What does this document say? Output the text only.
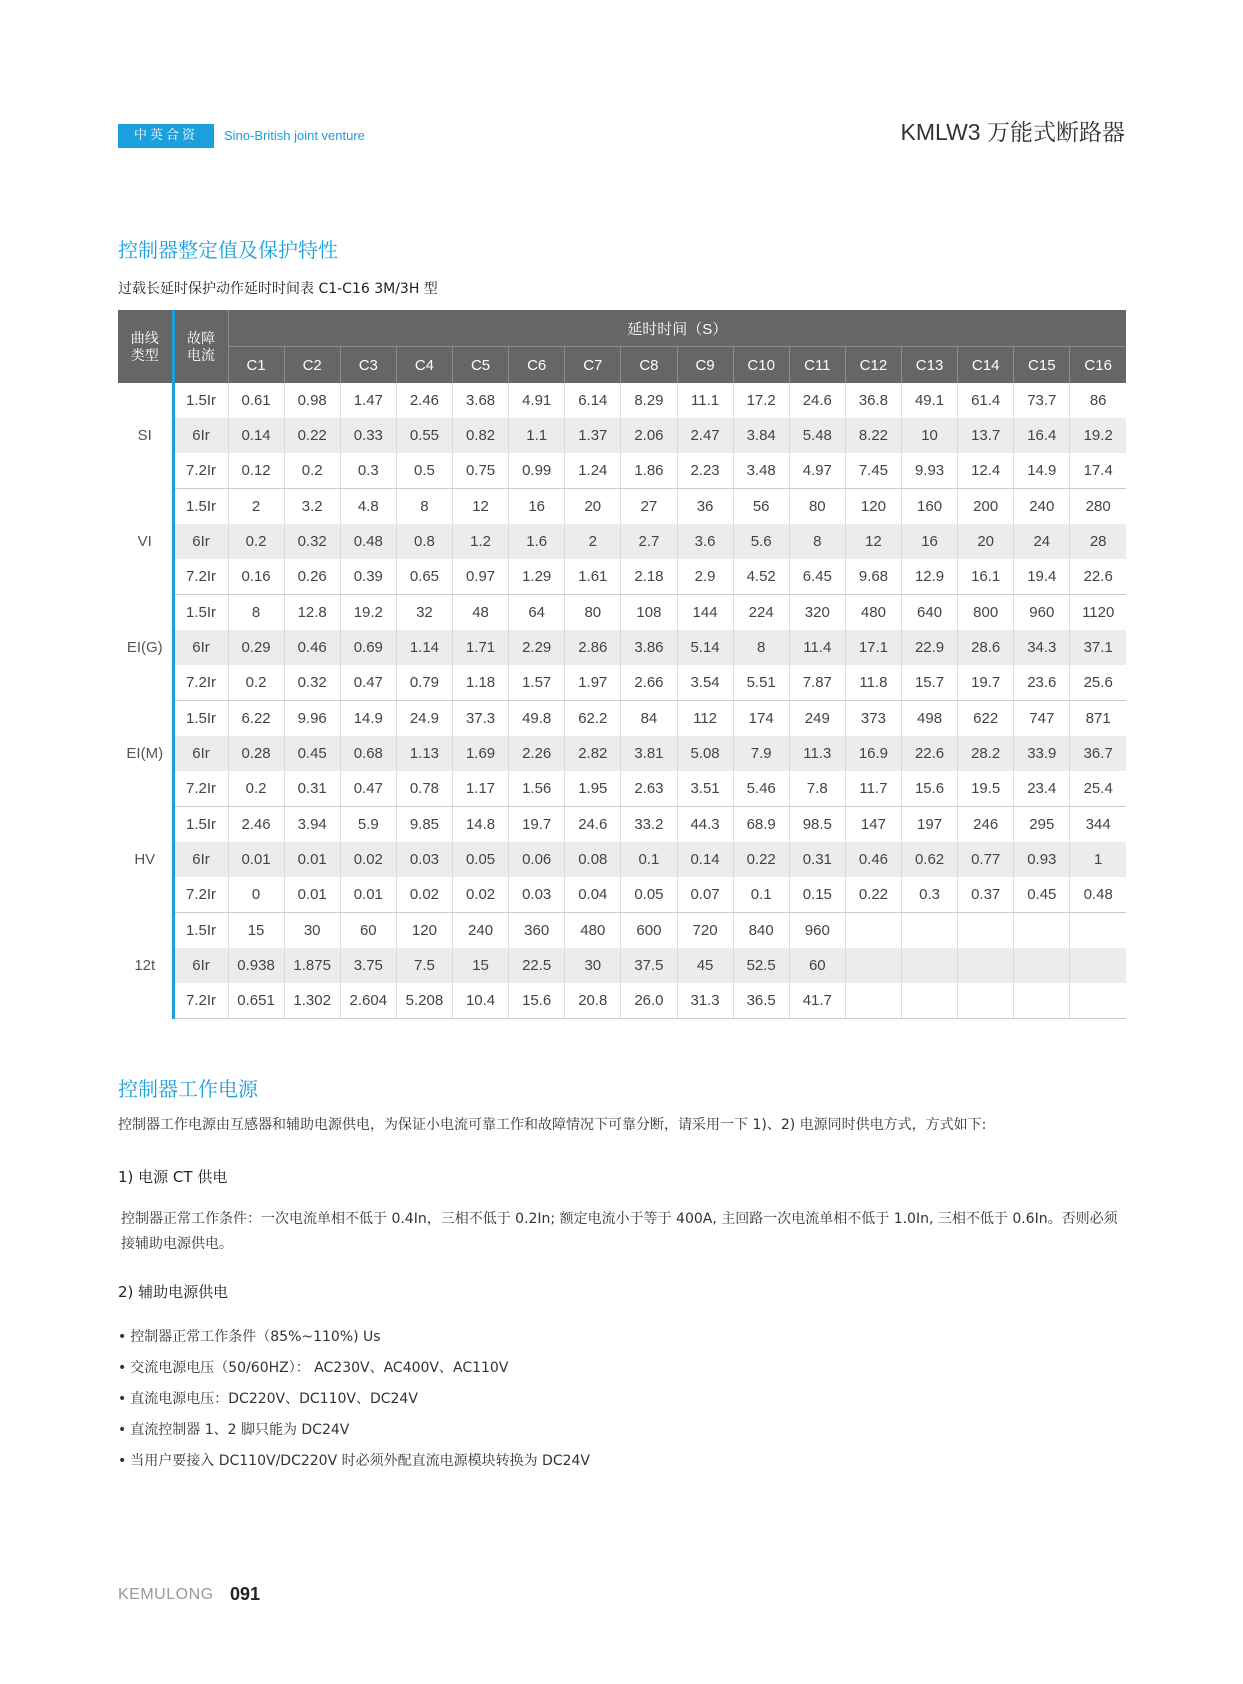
中英合资	Sino-British joint venture	KMLW3 万能式断路器
控制器整定值及保护特性
过载长延时保护动作延时时间表 C1-C16 3M/3H 型
曲线
类型	故障
电流	延时时间（S）															
		C1	C2	C3	C4	C5	C6	C7	C8	C9	C10	C11	C12	C13	C14	C15	C16
SI	1.5Ir	0.61	0.98	1.47	2.46	3.68	4.91	6.14	8.29	11.1	17.2	24.6	36.8	49.1	61.4	73.7	86
	6Ir	0.14	0.22	0.33	0.55	0.82	1.1	1.37	2.06	2.47	3.84	5.48	8.22	10	13.7	16.4	19.2
	7.2Ir	0.12	0.2	0.3	0.5	0.75	0.99	1.24	1.86	2.23	3.48	4.97	7.45	9.93	12.4	14.9	17.4
VI	1.5Ir	2	3.2	4.8	8	12	16	20	27	36	56	80	120	160	200	240	280
	6Ir	0.2	0.32	0.48	0.8	1.2	1.6	2	2.7	3.6	5.6	8	12	16	20	24	28
	7.2Ir	0.16	0.26	0.39	0.65	0.97	1.29	1.61	2.18	2.9	4.52	6.45	9.68	12.9	16.1	19.4	22.6
EI(G)	1.5Ir	8	12.8	19.2	32	48	64	80	108	144	224	320	480	640	800	960	1120
	6Ir	0.29	0.46	0.69	1.14	1.71	2.29	2.86	3.86	5.14	8	11.4	17.1	22.9	28.6	34.3	37.1
	7.2Ir	0.2	0.32	0.47	0.79	1.18	1.57	1.97	2.66	3.54	5.51	7.87	11.8	15.7	19.7	23.6	25.6
EI(M)	1.5Ir	6.22	9.96	14.9	24.9	37.3	49.8	62.2	84	112	174	249	373	498	622	747	871
	6Ir	0.28	0.45	0.68	1.13	1.69	2.26	2.82	3.81	5.08	7.9	11.3	16.9	22.6	28.2	33.9	36.7
	7.2Ir	0.2	0.31	0.47	0.78	1.17	1.56	1.95	2.63	3.51	5.46	7.8	11.7	15.6	19.5	23.4	25.4
HV	1.5Ir	2.46	3.94	5.9	9.85	14.8	19.7	24.6	33.2	44.3	68.9	98.5	147	197	246	295	344
	6Ir	0.01	0.01	0.02	0.03	0.05	0.06	0.08	0.1	0.14	0.22	0.31	0.46	0.62	0.77	0.93	1
	7.2Ir	0	0.01	0.01	0.02	0.02	0.03	0.04	0.05	0.07	0.1	0.15	0.22	0.3	0.37	0.45	0.48
12t	1.5Ir	15	30	60	120	240	360	480	600	720	840	960					
	6Ir	0.938	1.875	3.75	7.5	15	22.5	30	37.5	45	52.5	60					
	7.2Ir	0.651	1.302	2.604	5.208	10.4	15.6	20.8	26.0	31.3	36.5	41.7					
控制器工作电源
控制器工作电源由互感器和辅助电源供电，为保证小电流可靠工作和故障情况下可靠分断，请采用一下 1)、2) 电源同时供电方式，方式如下:
1) 电源 CT 供电
控制器正常工作条件：一次电流单相不低于 0.4In，三相不低于 0.2In; 额定电流小于等于 400A, 主回路一次电流单相不低于 1.0In, 三相不低于 0.6In。否则必须接辅助电源供电。
2) 辅助电源供电
• 控制器正常工作条件（85%~110%) Us
• 交流电源电压（50/60HZ）： AC230V、AC400V、AC110V
• 直流电源电压：DC220V、DC110V、DC24V
• 直流控制器 1、2 脚只能为 DC24V
• 当用户要接入 DC110V/DC220V 时必须外配直流电源模块转换为 DC24V
KEMULONG 091
